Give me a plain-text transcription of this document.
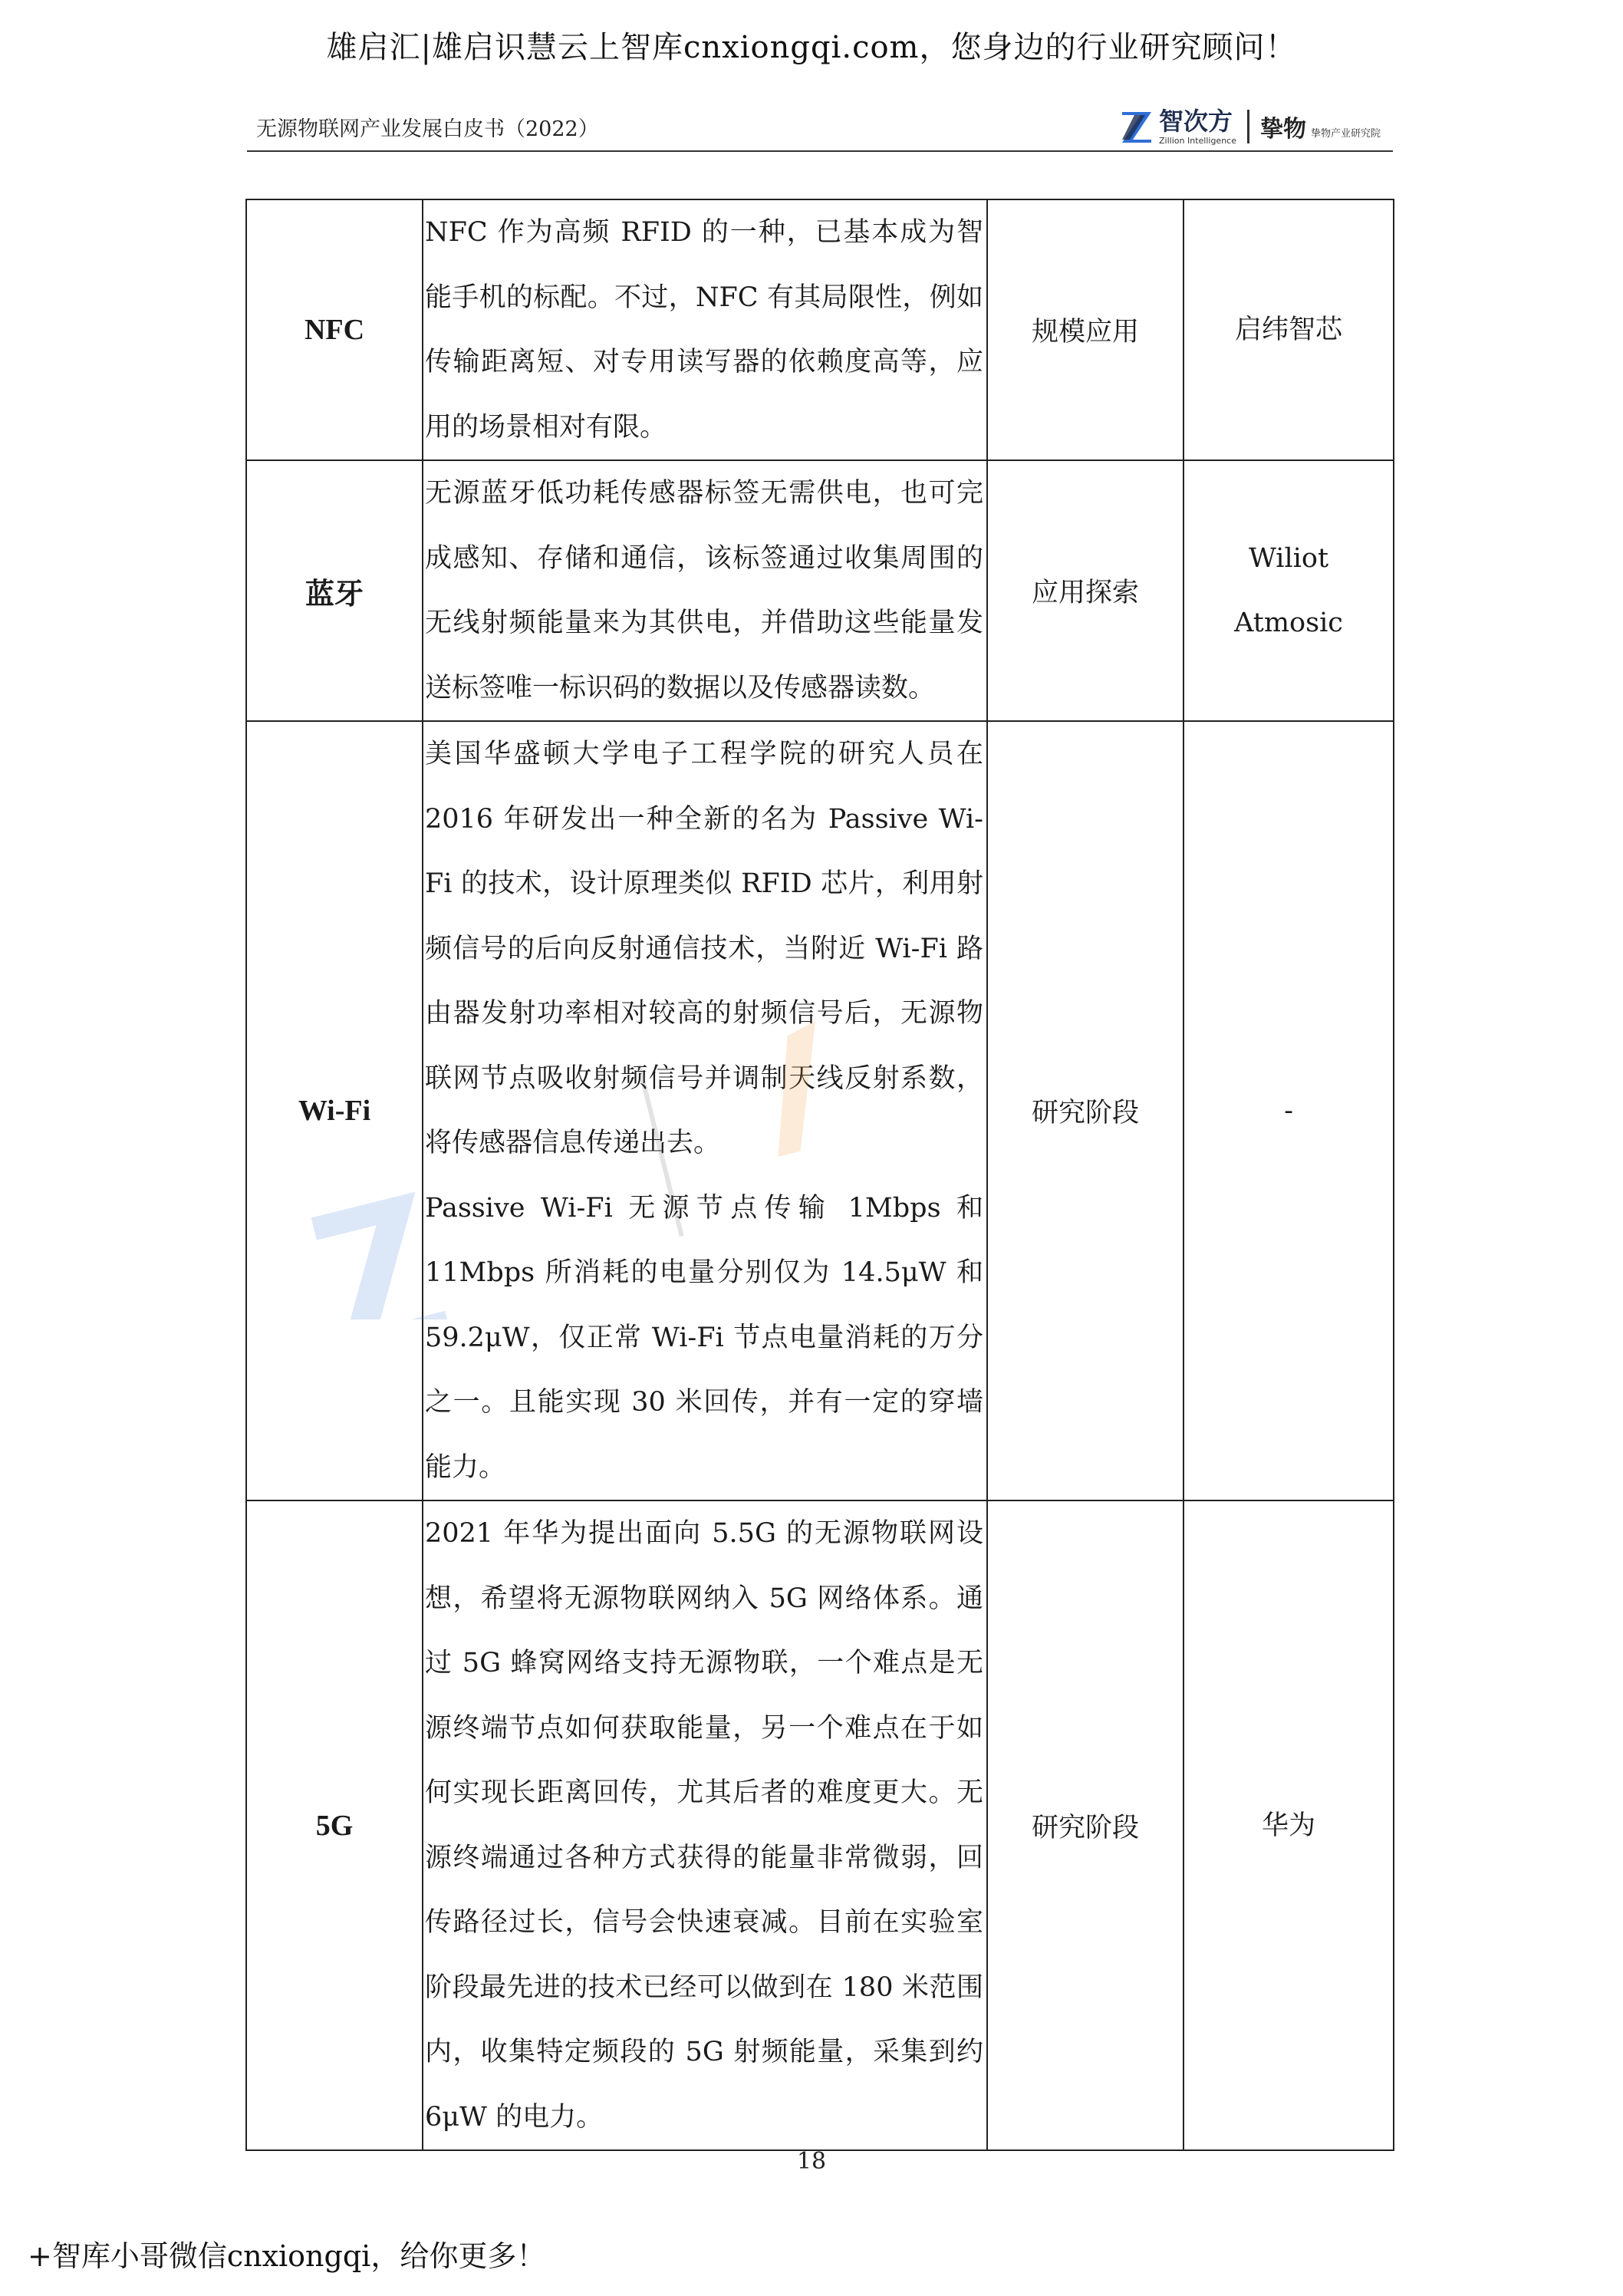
雄启汇|雄启识慧云上智库cnxiongqi.com，您身边的行业研究顾问！
无源物联网产业发展白皮书（2022）	智次方
Zillion Intelligence 挚物 挚物产业研究院
NFC	NFC 作为高频 RFID 的一种，已基本成为智能手机的标配。不过，NFC 有其局限性，例如传输距离短、对专用读写器的依赖度高等，应用的场景相对有限。	规模应用	启纬智芯

蓝牙	无源蓝牙低功耗传感器标签无需供电，也可完成感知、存储和通信，该标签通过收集周围的无线射频能量来为其供电，并借助这些能量发送标签唯一标识码的数据以及传感器读数。	应用探索	Wiliot
Atmosic

Wi-Fi	美国华盛顿大学电子工程学院的研究人员在 2016 年研发出一种全新的名为 Passive Wi-Fi 的技术，设计原理类似 RFID 芯片，利用射频信号的后向反射通信技术，当附近 Wi-Fi 路由器发射功率相对较高的射频信号后，无源物联网节点吸收射频信号并调制天线反射系数，将传感器信息传递出去。

Passive Wi-Fi 无源节点传输 1Mbps 和 11Mbps 所消耗的电量分别仅为 14.5μW 和 59.2μW，仅正常 Wi-Fi 节点电量消耗的万分之一。且能实现 30 米回传，并有一定的穿墙能力。	研究阶段	-

5G	2021 年华为提出面向 5.5G 的无源物联网设想，希望将无源物联网纳入 5G 网络体系。通过 5G 蜂窝网络支持无源物联，一个难点是无源终端节点如何获取能量，另一个难点在于如何实现长距离回传，尤其后者的难度更大。无源终端通过各种方式获得的能量非常微弱，回传路径过长，信号会快速衰减。目前在实验室阶段最先进的技术已经可以做到在 180 米范围内，收集特定频段的 5G 射频能量，采集到约 6μW 的电力。	研究阶段	华为
18
+智库小哥微信cnxiongqi，给你更多！
